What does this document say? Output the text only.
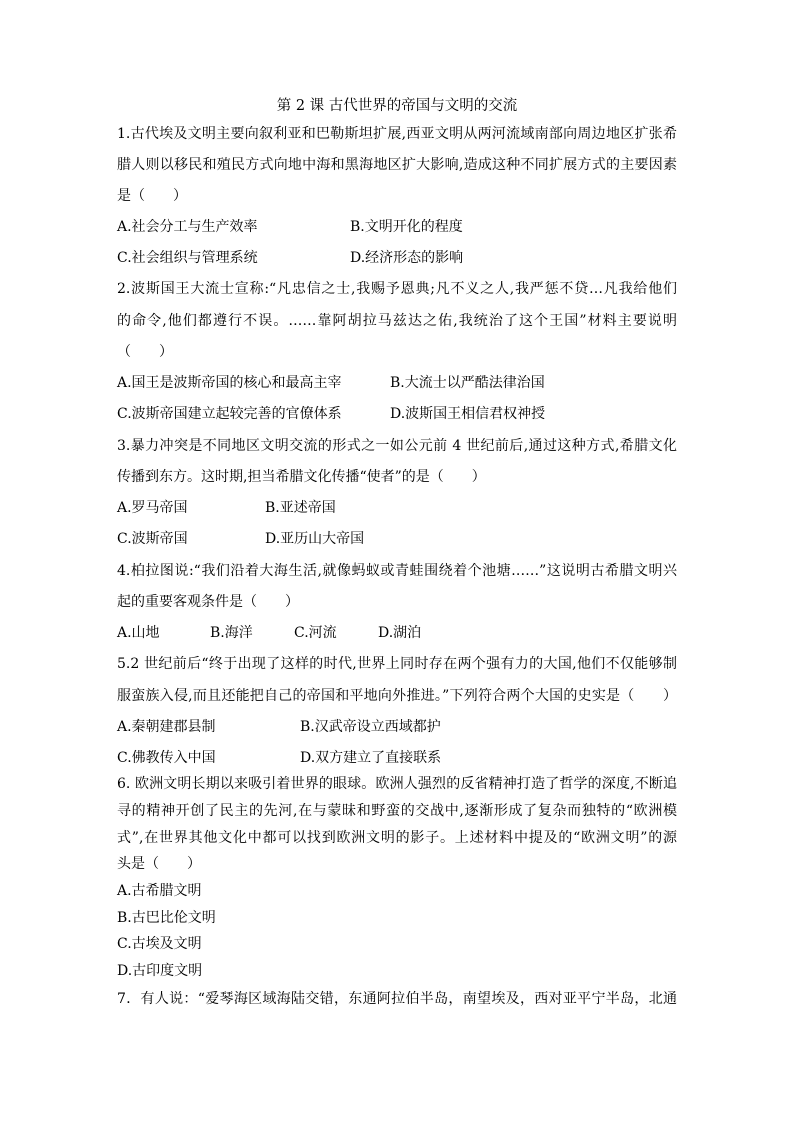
第 2 课 古代世界的帝国与文明的交流
1.古代埃及文明主要向叙利亚和巴勒斯坦扩展,西亚文明从两河流域南部向周边地区扩张希
腊人则以移民和殖民方式向地中海和黑海地区扩大影响,造成这种不同扩展方式的主要因素
是（　　）
A.社会分工与生产效率	B.文明开化的程度
C.社会组织与管理系统	D.经济形态的影响
2.波斯国王大流士宣称:“凡忠信之士,我赐予恩典;凡不义之人,我严惩不贷…凡我给他们
的命令,他们都遵行不误。……靠阿胡拉马兹达之佑,我统治了这个王国”材料主要说明
（　　）
A.国王是波斯帝国的核心和最高主宰	B.大流士以严酷法律治国
C.波斯帝国建立起较完善的官僚体系	D.波斯国王相信君权神授
3.暴力冲突是不同地区文明交流的形式之一如公元前 4 世纪前后,通过这种方式,希腊文化
传播到东方。这时期,担当希腊文化传播“使者”的是（　　）
A.罗马帝国	B.亚述帝国
C.波斯帝国	D.亚历山大帝国
4.柏拉图说:“我们沿着大海生活,就像蚂蚁或青蛙围绕着个池塘……”这说明古希腊文明兴
起的重要客观条件是（　　）
A.山地	B.海洋	C.河流	D.湖泊
5.2 世纪前后“终于出现了这样的时代,世界上同时存在两个强有力的大国,他们不仅能够制
服蛮族入侵,而且还能把自己的帝国和平地向外推进。”下列符合两个大国的史实是（　　）
A.秦朝建郡县制	B.汉武帝设立西域都护
C.佛教传入中国	D.双方建立了直接联系
6. 欧洲文明长期以来吸引着世界的眼球。欧洲人强烈的反省精神打造了哲学的深度,不断追
寻的精神开创了民主的先河,在与蒙昧和野蛮的交战中,逐渐形成了复杂而独特的“欧洲模
式”,在世界其他文化中都可以找到欧洲文明的影子。上述材料中提及的“欧洲文明”的源
头是（　　）
A.古希腊文明
B.古巴比伦文明
C.古埃及文明
D.古印度文明
7．有人说：“爱琴海区域海陆交错，东通阿拉伯半岛，南望埃及，西对亚平宁半岛，北通
